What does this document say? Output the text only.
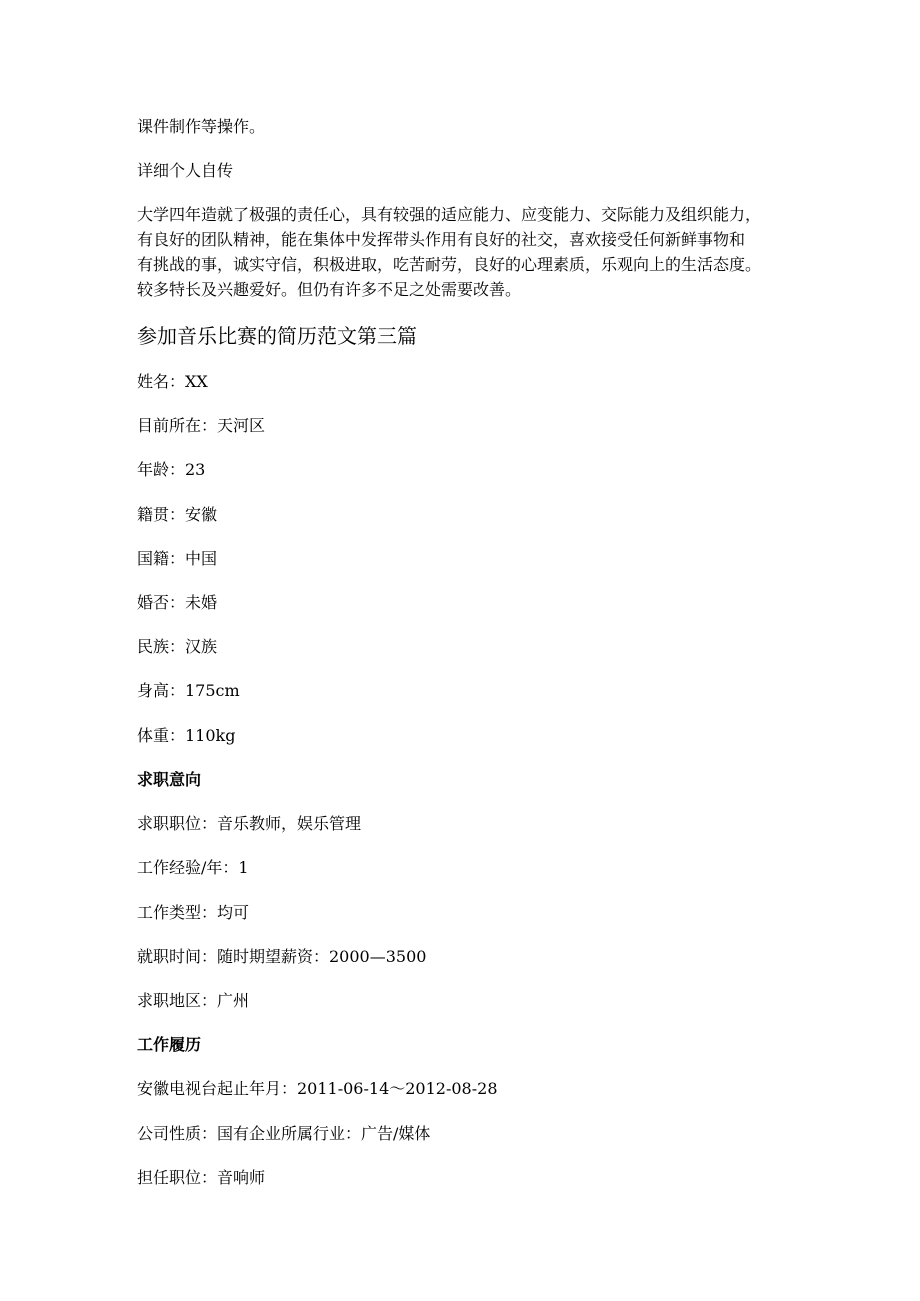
课件制作等操作。
详细个人自传
大学四年造就了极强的责任心，具有较强的适应能力、应变能力、交际能力及组织能力，
有良好的团队精神，能在集体中发挥带头作用有良好的社交，喜欢接受任何新鲜事物和
有挑战的事，诚实守信，积极进取，吃苦耐劳，良好的心理素质，乐观向上的生活态度。
较多特长及兴趣爱好。但仍有许多不足之处需要改善。
参加音乐比赛的简历范文第三篇
姓名：XX
目前所在：天河区
年龄：23
籍贯：安徽
国籍：中国
婚否：未婚
民族：汉族
身高：175cm
体重：110kg
求职意向
求职职位：音乐教师，娱乐管理
工作经验/年：1
工作类型：均可
就职时间：随时期望薪资：2000—3500
求职地区：广州
工作履历
安徽电视台起止年月：2011-06-14～2012-08-28
公司性质：国有企业所属行业：广告/媒体
担任职位：音响师
